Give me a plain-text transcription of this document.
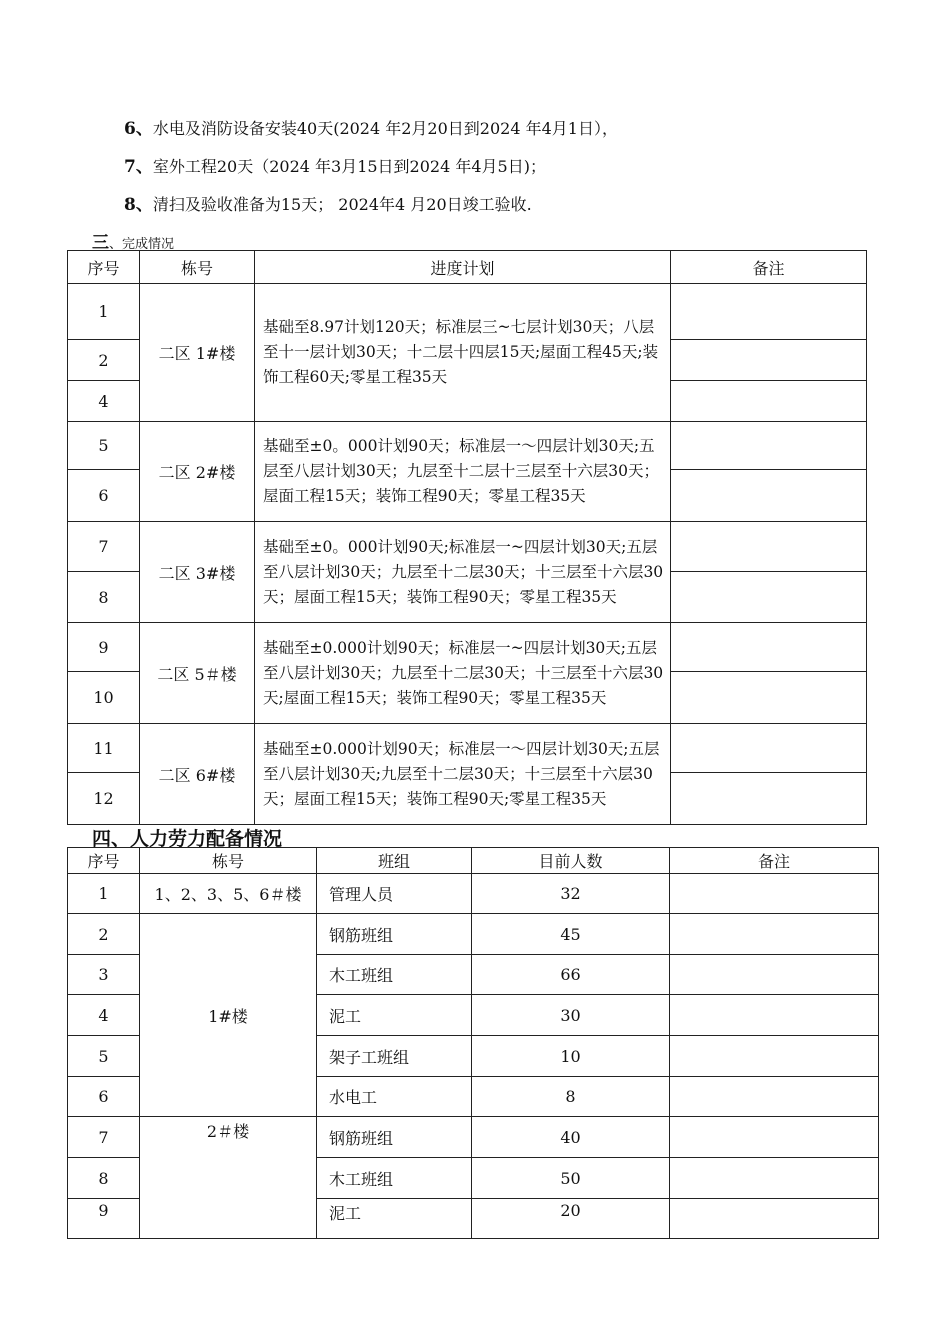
6、水电及消防设备安装40天(2024 年2月20日到2024 年4月1日），
7、室外工程20天（2024 年3月15日到2024 年4月5日)；
8、清扫及验收准备为15天； 2024年4 月20日竣工验收.
三、完成情况
序号	栋号	进度计划	备注
1	二区 1#楼	基础至8.97计划120天；标准层三~七层计划30天；八层至十一层计划30天；十二层十四层15天;屋面工程45天;装饰工程60天;零星工程35天	
2			
4			
5	二区 2#楼	基础至±0。000计划90天；标准层一～四层计划30天;五层至八层计划30天；九层至十二层十三层至十六层30天；屋面工程15天；装饰工程90天；零星工程35天	
6			
7	二区 3#楼	基础至±0。000计划90天;标准层一~四层计划30天;五层至八层计划30天；九层至十二层30天；十三层至十六层30天；屋面工程15天；装饰工程90天；零星工程35天	
8			
9	二区 5＃楼	基础至±0.000计划90天；标准层一~四层计划30天;五层至八层计划30天；九层至十二层30天；十三层至十六层30天;屋面工程15天；装饰工程90天；零星工程35天	
10			
11	二区 6#楼	基础至±0.000计划90天；标准层一～四层计划30天;五层至八层计划30天;九层至十二层30天；十三层至十六层30天；屋面工程15天；装饰工程90天;零星工程35天	
12			
四、人力劳力配备情况
序号	栋号	班组	目前人数	备注
1	1、2、3、5、6＃楼	管理人员	32	
2	1#楼	钢筋班组	45	
3		木工班组	66	
4		泥工	30	
5		架子工班组	10	
6		水电工	8	
7	2＃楼	钢筋班组	40	
8		木工班组	50	
9		泥工	20	
